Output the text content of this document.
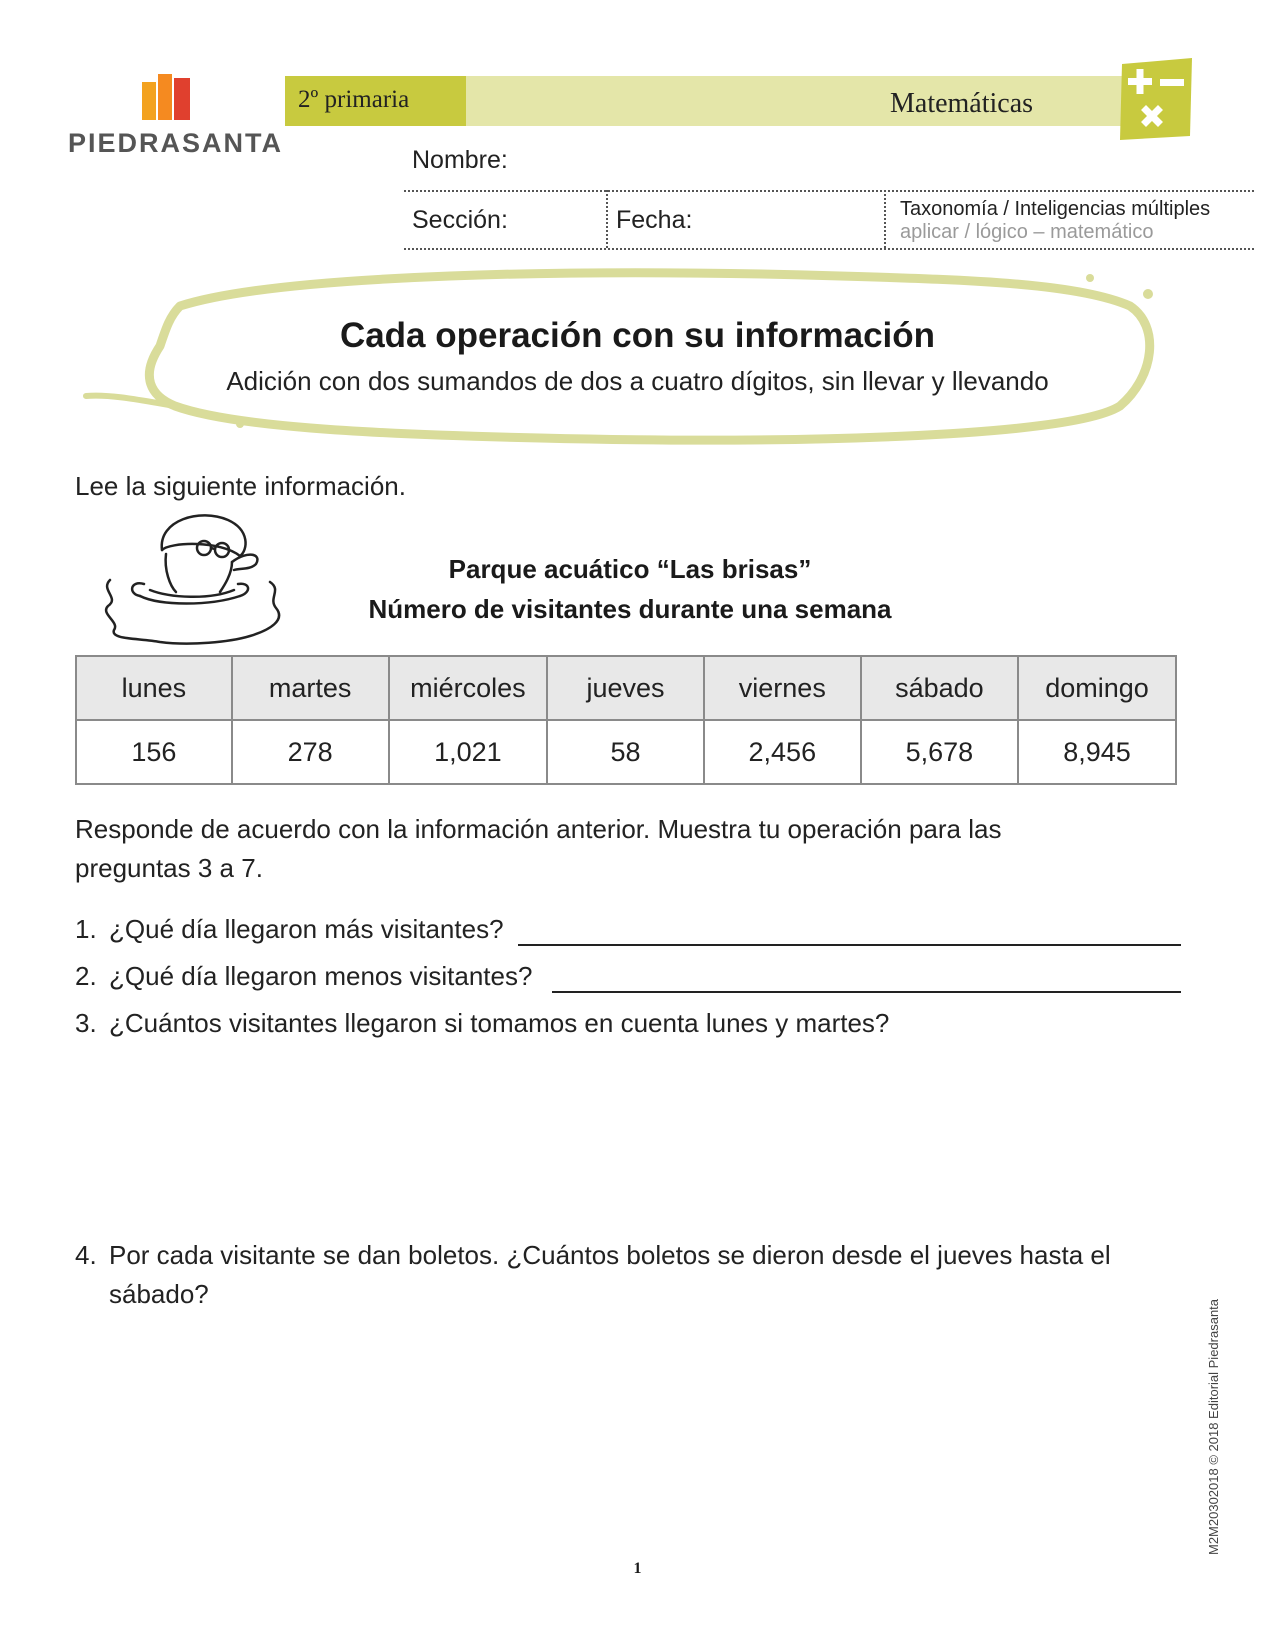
PIEDRASANTA
2º primaria	Matemáticas
Nombre:
Sección:	Fecha:	Taxonomía / Inteligencias múltiples
aplicar / lógico – matemático
Cada operación con su información
Adición con dos sumandos de dos a cuatro dígitos, sin llevar y llevando
Lee la siguiente información.
Parque acuático “Las brisas”
Número de visitantes durante una semana
lunes	martes	miércoles	jueves	viernes	sábado	domingo
156	278	1,021	58	2,456	5,678	8,945
Responde de acuerdo con la información anterior. Muestra tu operación para las preguntas 3 a 7.
1. ¿Qué día llegaron más visitantes?
2. ¿Qué día llegaron menos visitantes?
3. ¿Cuántos visitantes llegaron si tomamos en cuenta lunes y martes?
4. Por cada visitante se dan boletos. ¿Cuántos boletos se dieron desde el jueves hasta el sábado?
1
M2M20302018 © 2018 Editorial Piedrasanta
